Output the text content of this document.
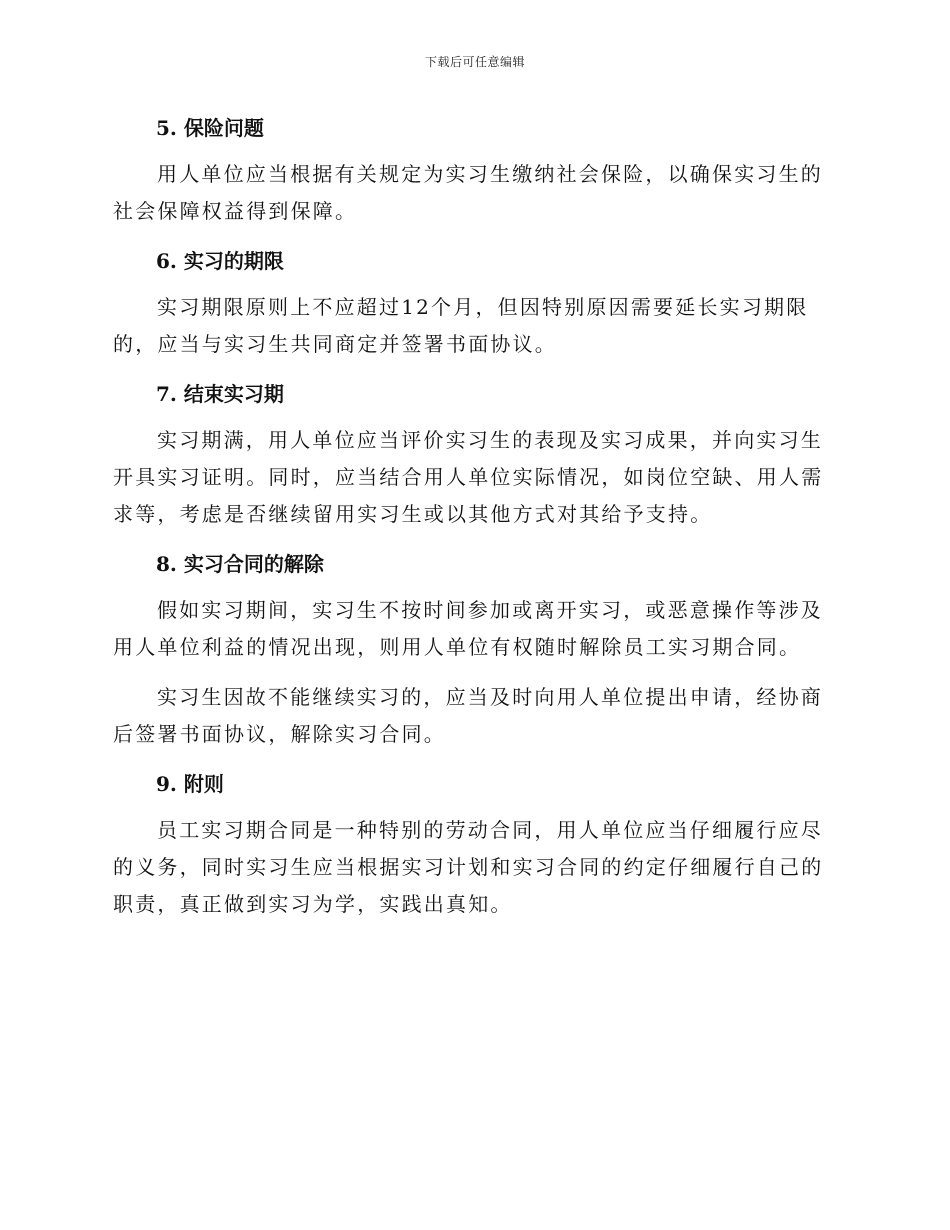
下载后可任意编辑
5. 保险问题

用人单位应当根据有关规定为实习生缴纳社会保险，以确保实习生的社会保障权益得到保障。

6. 实习的期限

实习期限原则上不应超过12个月，但因特别原因需要延长实习期限的，应当与实习生共同商定并签署书面协议。

7. 结束实习期

实习期满，用人单位应当评价实习生的表现及实习成果，并向实习生开具实习证明。同时，应当结合用人单位实际情况，如岗位空缺、用人需求等，考虑是否继续留用实习生或以其他方式对其给予支持。

8. 实习合同的解除

假如实习期间，实习生不按时间参加或离开实习，或恶意操作等涉及用人单位利益的情况出现，则用人单位有权随时解除员工实习期合同。

实习生因故不能继续实习的，应当及时向用人单位提出申请，经协商后签署书面协议，解除实习合同。

9. 附则

员工实习期合同是一种特别的劳动合同，用人单位应当仔细履行应尽的义务，同时实习生应当根据实习计划和实习合同的约定仔细履行自己的职责，真正做到实习为学，实践出真知。
